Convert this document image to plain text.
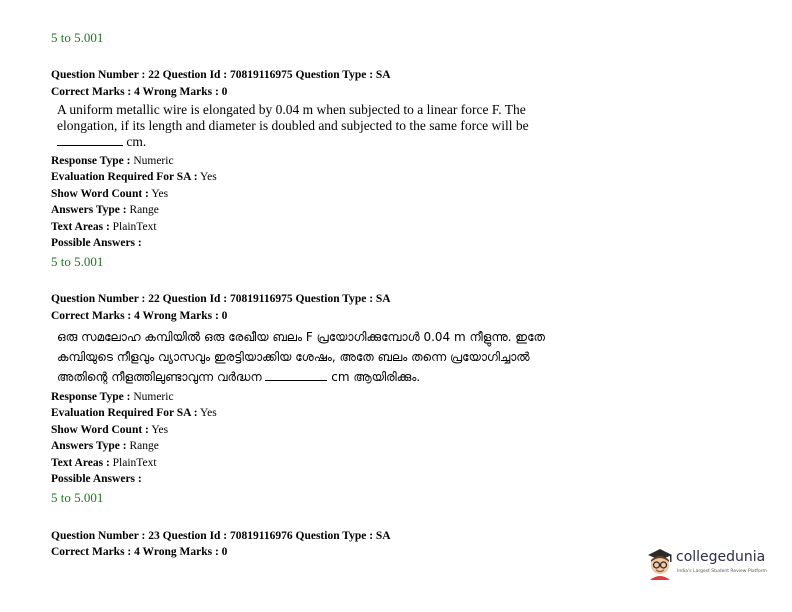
5 to 5.001
Question Number : 22 Question Id : 70819116975 Question Type : SA
Correct Marks : 4 Wrong Marks : 0
A uniform metallic wire is elongated by 0.04 m when subjected to a linear force F. The
elongation, if its length and diameter is doubled and subjected to the same force will be
cm.
Response Type : Numeric
Evaluation Required For SA : Yes
Show Word Count : Yes
Answers Type : Range
Text Areas : PlainText
Possible Answers :
5 to 5.001
Question Number : 22 Question Id : 70819116975 Question Type : SA
Correct Marks : 4 Wrong Marks : 0
ഒരു സമലോഹ കമ്പിയിൽ ഒരു രേഖീയ ബലം F പ്രയോഗിക്കുമ്പോൾ 0.04 m നീളുന്നു. ഇതേ
കമ്പിയുടെ നീളവും വ്യാസവും ഇരട്ടിയാക്കിയ ശേഷം, അതേ ബലം തന്നെ പ്രയോഗിച്ചാൽ
അതിന്റെ നീളത്തിലുണ്ടാവുന്ന വർദ്ധന	cm ആയിരിക്കും.
Response Type : Numeric
Evaluation Required For SA : Yes
Show Word Count : Yes
Answers Type : Range
Text Areas : PlainText
Possible Answers :
5 to 5.001
Question Number : 23 Question Id : 70819116976 Question Type : SA
Correct Marks : 4 Wrong Marks : 0	collegedunia
India's Largest Student Review Platform
